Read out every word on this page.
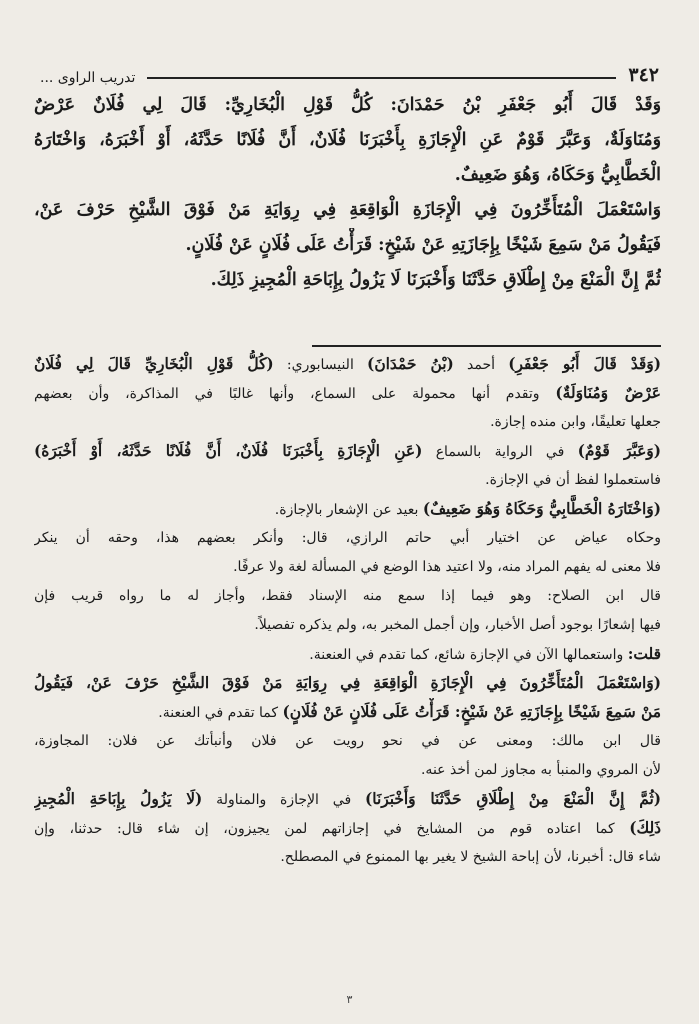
٣٤٢
تدريب الراوى ...
وَقَدْ قَالَ أَبُو جَعْفَرِ بْنُ حَمْدَانَ: كُلُّ قَوْلِ الْبُخَارِيِّ: قَالَ لِي فُلَانٌ عَرْضٌ
وَمُنَاوَلَةٌ، وَعَبَّرَ قَوْمٌ عَنِ الْإِجَازَةِ بِأَخْبَرَنَا فُلَانٌ، أَنَّ فُلَانًا حَدَّثَهُ، أَوْ أَخْبَرَهُ، وَاخْتَارَهُ
الْخَطَّابِيُّ وَحَكَاهُ، وَهُوَ ضَعِيفٌ.
وَاسْتَعْمَلَ الْمُتَأَخِّرُونَ فِي الْإِجَازَةِ الْوَاقِعَةِ فِي رِوَايَةِ مَنْ فَوْقَ الشَّيْخِ حَرْفَ عَنْ،
فَيَقُولُ مَنْ سَمِعَ شَيْخًا بِإِجَازَتِهِ عَنْ شَيْخٍ: قَرَأْتُ عَلَى فُلَانٍ عَنْ فُلَانٍ.
ثُمَّ إِنَّ الْمَنْعَ مِنْ إِطْلَاقِ حَدَّثَنَا وَأَخْبَرَنَا لَا يَزُولُ بِإِبَاحَةِ الْمُجِيزِ ذَلِكَ.
(وَقَدْ قَالَ أَبُو جَعْفَرِ) أحمد (بْنُ حَمْدَانَ) النيسابوري: (كُلُّ قَوْلِ الْبُخَارِيِّ قَالَ لِي فُلَانٌ
عَرْضٌ وَمُنَاوَلَةٌ) وتقدم أنها محمولة على السماع، وأنها غالبًا في المذاكرة، وأن بعضهم
جعلها تعليقًا، وابن منده إجازة.
(وَعَبَّرَ قَوْمٌ) في الرواية بالسماع (عَنِ الْإِجَازَةِ بِأَخْبَرَنَا فُلَانٌ، أَنَّ فُلَانًا حَدَّثَهُ، أَوْ أَخْبَرَهُ)
فاستعملوا لفظ أن في الإجازة.
(وَاخْتَارَهُ الْخَطَّابِيُّ وَحَكَاهُ وَهُوَ ضَعِيفٌ) بعيد عن الإشعار بالإجازة.
وحكاه عياض عن اختيار أبي حاتم الرازي، قال: وأنكر بعضهم هذا، وحقه أن ينكر
فلا معنى له يفهم المراد منه، ولا اعتيد هذا الوضع في المسألة لغة ولا عرفًا.
قال ابن الصلاح: وهو فيما إذا سمع منه الإسناد فقط، وأجاز له ما رواه قريب فإن
فيها إشعارًا بوجود أصل الأخبار، وإن أجمل المخبر به، ولم يذكره تفصيلاً.
قلت: واستعمالها الآن في الإجازة شائع، كما تقدم في العنعنة.
(وَاسْتَعْمَلَ الْمُتَأَخِّرُونَ فِي الْإِجَازَةِ الْوَاقِعَةِ فِي رِوَايَةِ مَنْ فَوْقَ الشَّيْخِ حَرْفَ عَنْ، فَيَقُولُ
مَنْ سَمِعَ شَيْخًا بِإِجَازَتِهِ عَنْ شَيْخٍ: قَرَأْتُ عَلَى فُلَانٍ عَنْ فُلَانٍ) كما تقدم في العنعنة.
قال ابن مالك: ومعنى عن في نحو رويت عن فلان وأنبأتك عن فلان: المجاوزة،
لأن المروي والمنبأ به مجاوز لمن أخذ عنه.
(ثُمَّ إِنَّ الْمَنْعَ مِنْ إِطْلَاقِ حَدَّثَنَا وَأَخْبَرَنَا) في الإجازة والمناولة (لَا يَزُولُ بِإِبَاحَةِ الْمُجِيزِ
ذَلِكَ) كما اعتاده قوم من المشايخ في إجازاتهم لمن يجيزون، إن شاء قال: حدثنا، وإن
شاء قال: أخبرنا، لأن إباحة الشيخ لا يغير بها الممنوع في المصطلح.
٣
